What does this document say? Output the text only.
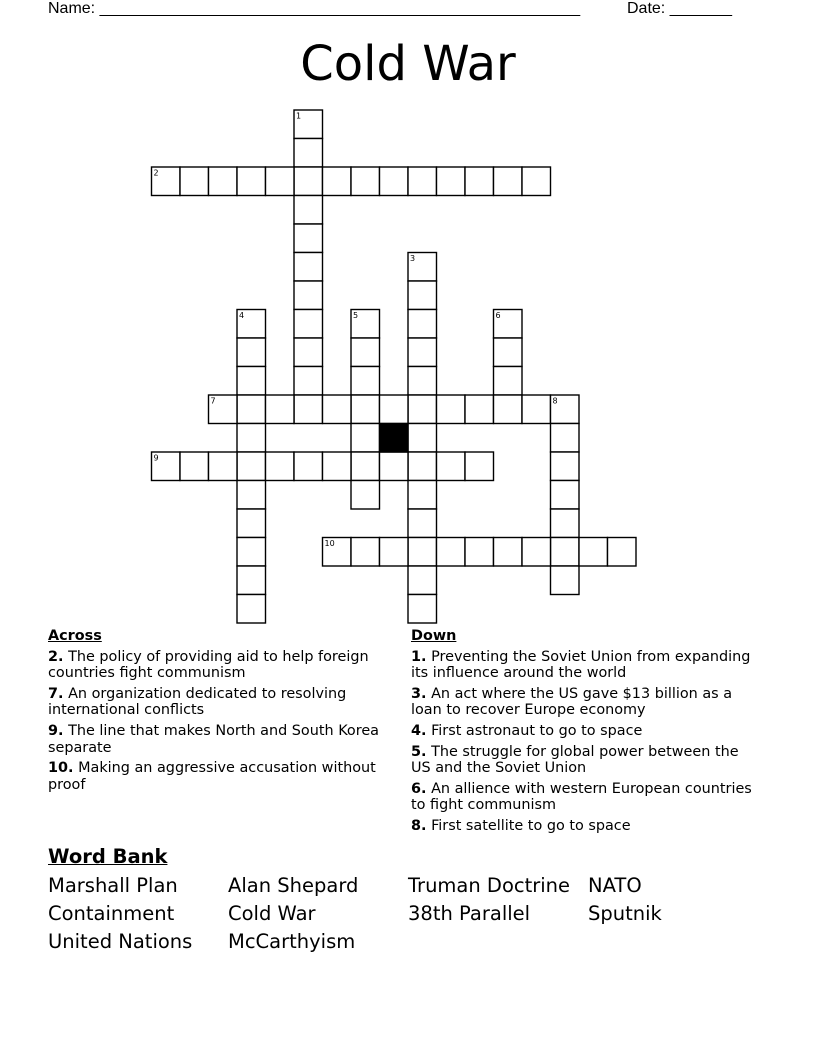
Name: ______________________________________________________	Date: _______
Cold War
1
2
3
4	5	6
7	8
9
10
Across
2. The policy of providing aid to help foreign countries fight communism
7. An organization dedicated to resolving international conflicts
9. The line that makes North and South Korea separate
10. Making an aggressive accusation without proof
Down
1. Preventing the Soviet Union from expanding its influence around the world
3. An act where the US gave $13 billion as a loan to recover Europe economy
4. First astronaut to go to space
5. The struggle for global power between the US and the Soviet Union
6. An allience with western European countries to fight communism
8. First satellite to go to space
Word Bank
Marshall Plan	Alan Shepard	Truman Doctrine NATO
Containment	Cold War	38th Parallel	Sputnik
United Nations McCarthyism
